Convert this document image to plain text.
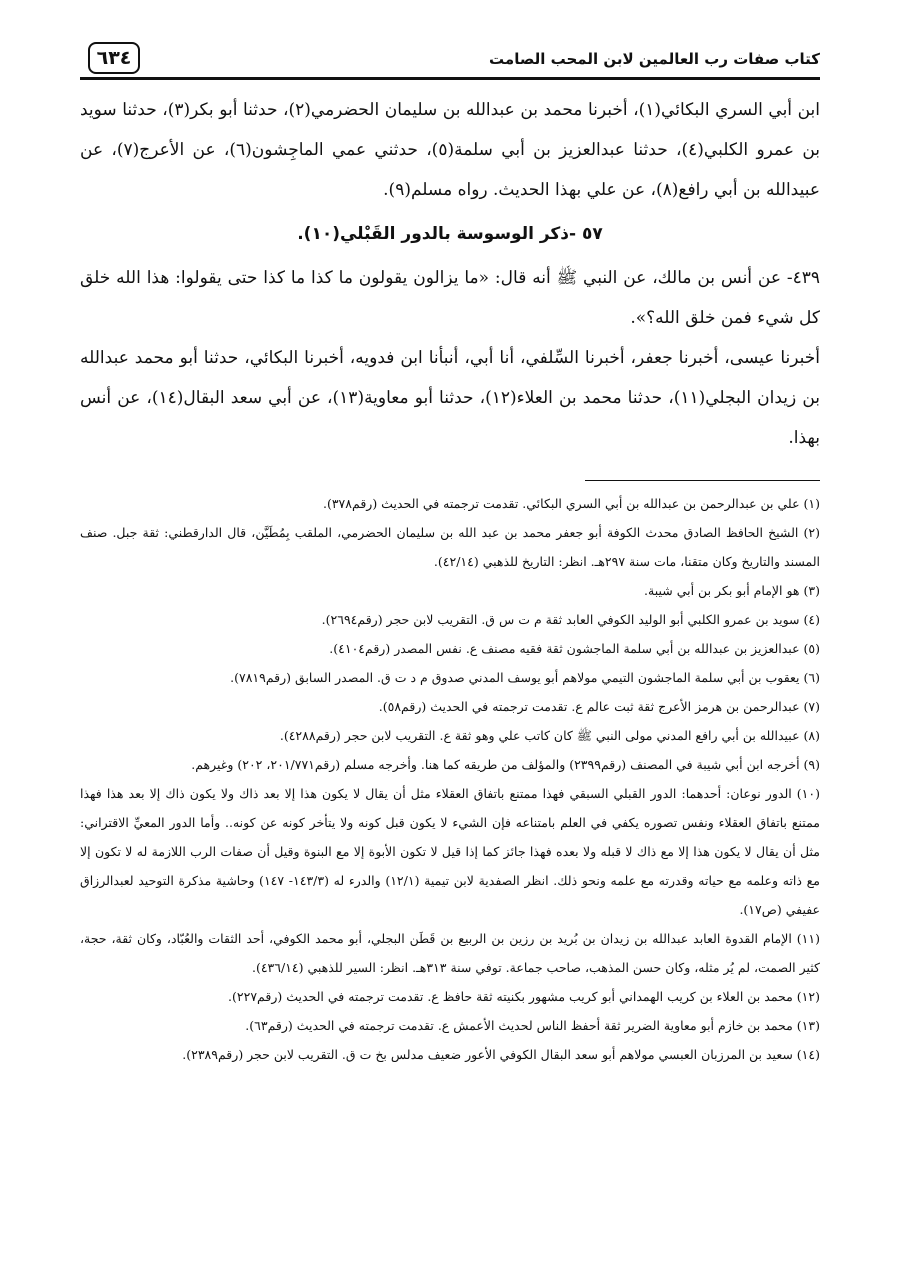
كتاب صفات رب العالمين لابن المحب الصامت
٦٣٤

ابن أبي السري البكائي(١)، أخبرنا محمد بن عبدالله بن سليمان الحضرمي(٢)، حدثنا أبو بكر(٣)، حدثنا سويد بن عمرو الكلبي(٤)، حدثنا عبدالعزيز بن أبي سلمة(٥)، حدثني عمي الماجِشون(٦)، عن الأعرج(٧)، عن عبيدالله بن أبي رافع(٨)، عن علي بهذا الحديث. رواه مسلم(٩).

٥٧ -ذكر الوسوسة بالدور القَبْلي(١٠).

٤٣٩- عن أنس بن مالك، عن النبي ﷺ أنه قال: «ما يزالون يقولون ما كذا ما كذا حتى يقولوا: هذا الله خلق كل شيء فمن خلق الله؟».

أخبرنا عيسى، أخبرنا جعفر، أخبرنا السِّلفي، أنا أبي، أنبأنا ابن فدويه، أخبرنا البكائي، حدثنا أبو محمد عبدالله بن زيدان البجلي(١١)، حدثنا محمد بن العلاء(١٢)، حدثنا أبو معاوية(١٣)، عن أبي سعد البقال(١٤)، عن أنس بهذا.

(١) علي بن عبدالرحمن بن عبدالله بن أبي السري البكائي. تقدمت ترجمته في الحديث (رقم٣٧٨).
(٢) الشيخ الحافظ الصادق محدث الكوفة أبو جعفر محمد بن عبد الله بن سليمان الحضرمي، الملقب بِمُطَيَّن، قال الدارقطني: ثقة جبل. صنف المسند والتاريخ وكان متقنا، مات سنة ٢٩٧هـ. انظر: التاريخ للذهبي (٤٢/١٤).
(٣) هو الإمام أبو بكر بن أبي شيبة.
(٤) سويد بن عمرو الكلبي أبو الوليد الكوفي العابد ثقة م ت س ق. التقريب لابن حجر (رقم٢٦٩٤).
(٥) عبدالعزيز بن عبدالله بن أبي سلمة الماجشون ثقة فقيه مصنف ع. نفس المصدر (رقم٤١٠٤).
(٦) يعقوب بن أبي سلمة الماجشون التيمي مولاهم أبو يوسف المدني صدوق م د ت ق. المصدر السابق (رقم٧٨١٩).
(٧) عبدالرحمن بن هرمز الأعرج ثقة ثبت عالم ع. تقدمت ترجمته في الحديث (رقم٥٨).
(٨) عبيدالله بن أبي رافع المدني مولى النبي ﷺ كان كاتب علي وهو ثقة ع. التقريب لابن حجر (رقم٤٢٨٨).
(٩) أخرجه ابن أبي شيبة في المصنف (رقم٢٣٩٩) والمؤلف من طريقه كما هنا. وأخرجه مسلم (رقم٢٠١/٧٧١، ٢٠٢) وغيرهم.
(١٠) الدور نوعان: أحدهما: الدور القبلي السبقي فهذا ممتنع باتفاق العقلاء مثل أن يقال لا يكون هذا إلا بعد ذاك ولا يكون ذاك إلا بعد هذا فهذا ممتنع باتفاق العقلاء ونفس تصوره يكفي في العلم بامتناعه فإن الشيء لا يكون قبل كونه ولا يتأخر كونه عن كونه.. وأما الدور المعيِّ الاقتراني: مثل أن يقال لا يكون هذا إلا مع ذاك لا قبله ولا بعده فهذا جائز كما إذا قيل لا تكون الأبوة إلا مع البنوة وقيل أن صفات الرب اللازمة له لا تكون إلا مع ذاته وعلمه مع حياته وقدرته مع علمه ونحو ذلك. انظر الصفدية لابن تيمية (١٢/١) والدرء له (١٤٣/٣- ١٤٧) وحاشية مذكرة التوحيد لعبدالرزاق عفيفي (ص١٧).
(١١) الإمام القدوة العابد عبدالله بن زيدان بن بُريد بن رزين بن الربيع بن قَطَن البجلي، أبو محمد الكوفي، أحد الثقات والعُبّاد، وكان ثقة، حجة، كثير الصمت، لم يُر مثله، وكان حسن المذهب، صاحب جماعة. توفي سنة ٣١٣هـ. انظر: السير للذهبي (٤٣٦/١٤).
(١٢) محمد بن العلاء بن كريب الهمداني أبو كريب مشهور بكنيته ثقة حافظ ع. تقدمت ترجمته في الحديث (رقم٢٢٧).
(١٣) محمد بن خازم أبو معاوية الضرير ثقة أحفظ الناس لحديث الأعمش ع. تقدمت ترجمته في الحديث (رقم٦٣).
(١٤) سعيد بن المرزبان العبسي مولاهم أبو سعد البقال الكوفي الأعور ضعيف مدلس بخ ت ق. التقريب لابن حجر (رقم٢٣٨٩).
